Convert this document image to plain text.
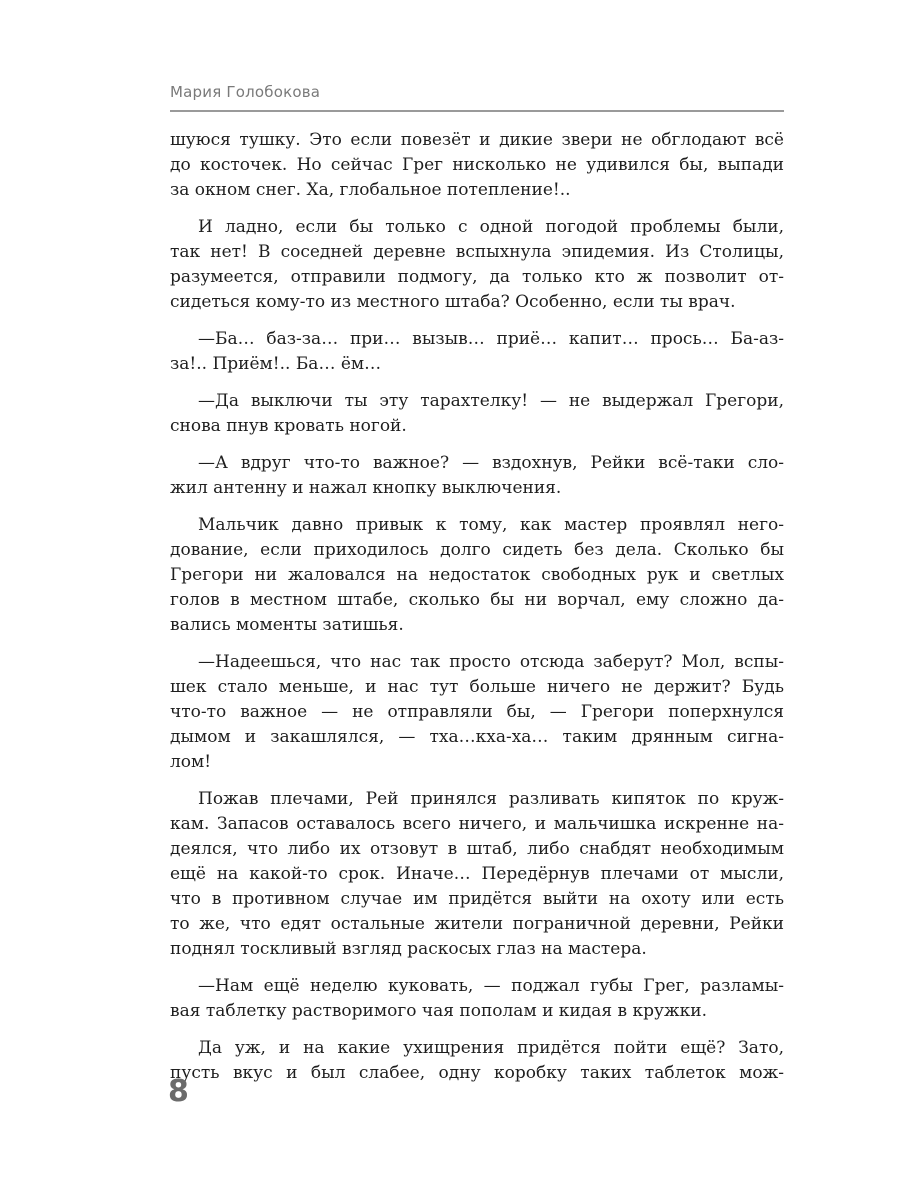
Мария Голобокова
шуюся тушку. Это если повезёт и дикие звери не обглодают всё
до косточек. Но сейчас Грег нисколько не удивился бы, выпади
за окном снег. Ха, глобальное потепление!..
И ладно, если бы только с одной погодой проблемы были,
так нет! В соседней деревне вспыхнула эпидемия. Из Столицы,
разумеется, отправили подмогу, да только кто ж позволит от-
сидеться кому-то из местного штаба? Особенно, если ты врач.
—Ба… баз-за… при… вызыв… приё… капит… прось… Ба-аз-
за!.. Приём!.. Ба… ём…
—Да выключи ты эту тарахтелку! — не выдержал Грегори,
снова пнув кровать ногой.
—А вдруг что-то важное? — вздохнув, Рейки всё-таки сло-
жил антенну и нажал кнопку выключения.
Мальчик давно привык к тому, как мастер проявлял него-
дование, если приходилось долго сидеть без дела. Сколько бы
Грегори ни жаловался на недостаток свободных рук и светлых
голов в местном штабе, сколько бы ни ворчал, ему сложно да-
вались моменты затишья.
—Надеешься, что нас так просто отсюда заберут? Мол, вспы-
шек стало меньше, и нас тут больше ничего не держит? Будь
что-то важное — не отправляли бы, — Грегори поперхнулся
дымом и закашлялся, — тха…кха-ха… таким дрянным сигна-
лом!
Пожав плечами, Рей принялся разливать кипяток по круж-
кам. Запасов оставалось всего ничего, и мальчишка искренне на-
деялся, что либо их отзовут в штаб, либо снабдят необходимым
ещё на какой-то срок. Иначе… Передёрнув плечами от мысли,
что в противном случае им придётся выйти на охоту или есть
то же, что едят остальные жители пограничной деревни, Рейки
поднял тоскливый взгляд раскосых глаз на мастера.
—Нам ещё неделю куковать, — поджал губы Грег, разламы-
вая таблетку растворимого чая пополам и кидая в кружки.
Да уж, и на какие ухищрения придётся пойти ещё? Зато,
пусть вкус и был слабее, одну коробку таких таблеток мож-
8
